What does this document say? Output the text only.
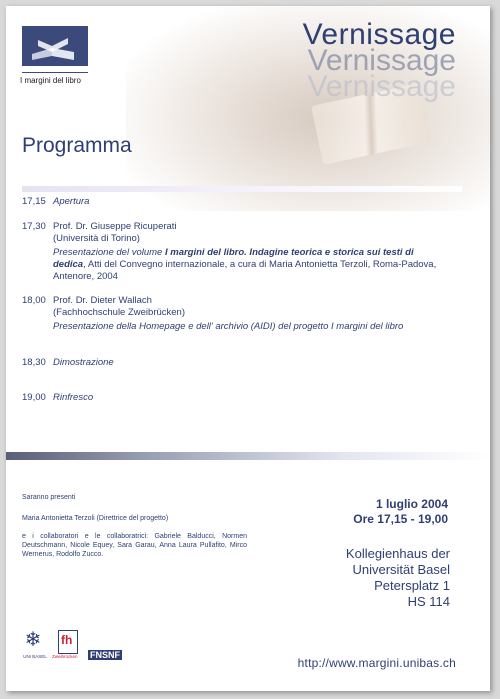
I margini del libro
Vernissage
Vernissage
Vernissage
Programma
17,15 Apertura
17,30 Prof. Dr. Giuseppe Ricuperati
(Università di Torino)
Presentazione del volume I margini del libro. Indagine teorica e storica sui testi di dedica, Atti del Convegno internazionale, a cura di Maria Antonietta Terzoli, Roma-Padova, Antenore, 2004
18,00 Prof. Dr. Dieter Wallach
(Fachhochschule Zweibrücken)
Presentazione della Homepage e dell' archivio (AIDI) del progetto I margini del libro
18,30 Dimostrazione
19,00 Rinfresco
Saranno presenti
Maria Antonietta Terzoli (Direttrice del progetto)
e i collaboratori e le collaboratrici: Gabriele Balducci, Normen Deutschmann, Nicole Equey, Sara Garau, Anna Laura Pullafito, Mirco Wernerus, Rodolfo Zucco.
1 luglio 2004
Ore 17,15 - 19,00
Kollegienhaus der
Universität Basel
Petersplatz 1
HS 114
❄
UNI BASEL
fh
Zweibrücken FNSNF
http://www.margini.unibas.ch
